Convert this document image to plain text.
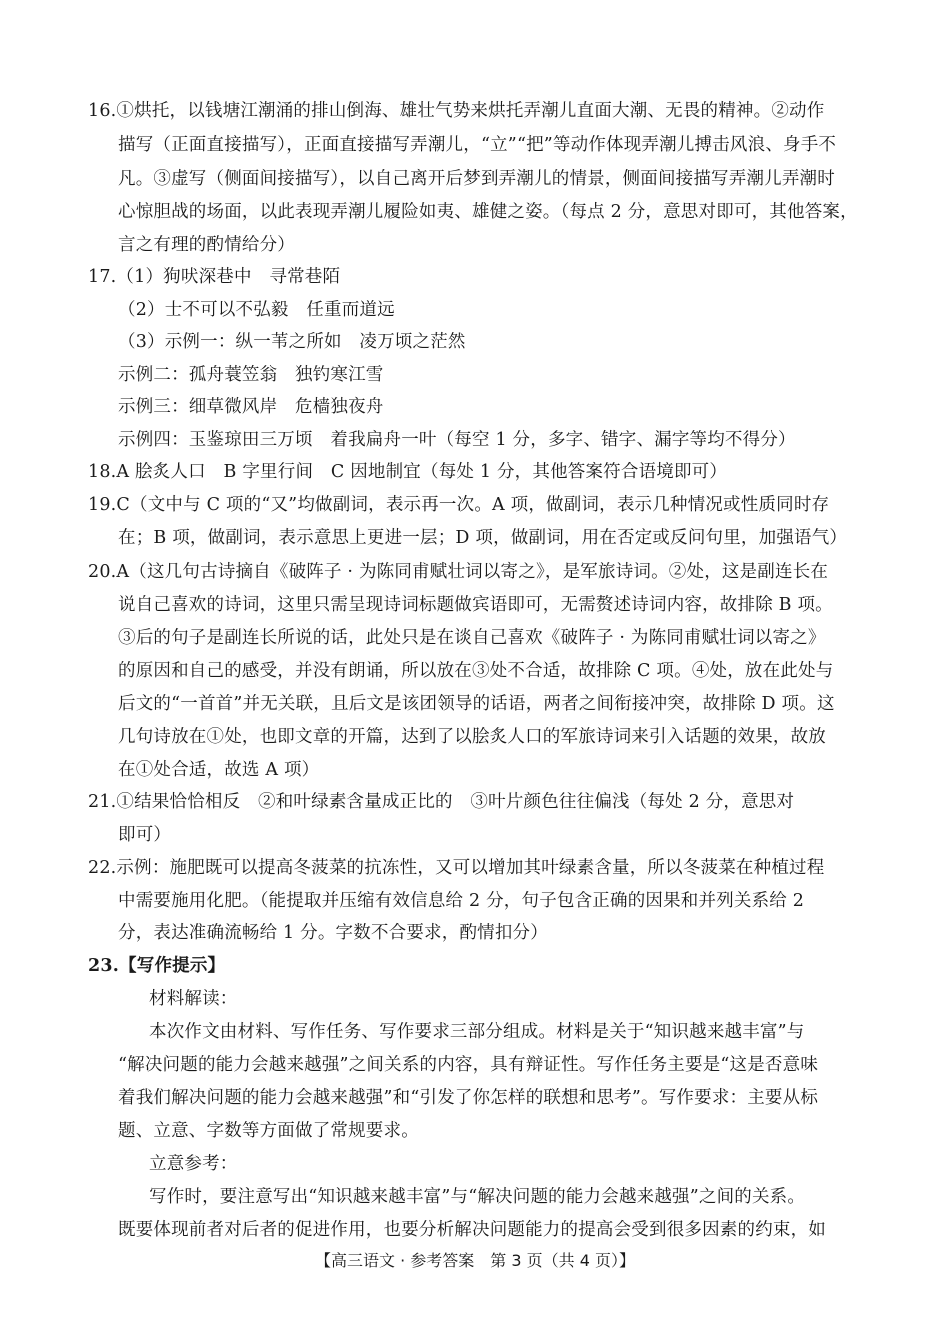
16.①烘托，以钱塘江潮涌的排山倒海、雄壮气势来烘托弄潮儿直面大潮、无畏的精神。②动作
描写（正面直接描写），正面直接描写弄潮儿，“立”“把”等动作体现弄潮儿搏击风浪、身手不
凡。③虚写（侧面间接描写），以自己离开后梦到弄潮儿的情景，侧面间接描写弄潮儿弄潮时
心惊胆战的场面，以此表现弄潮儿履险如夷、雄健之姿。（每点 2 分，意思对即可，其他答案，
言之有理的酌情给分）
17.（1）狗吠深巷中　寻常巷陌
（2）士不可以不弘毅　任重而道远
（3）示例一：纵一苇之所如　凌万顷之茫然
示例二：孤舟蓑笠翁　独钓寒江雪
示例三：细草微风岸　危樯独夜舟
示例四：玉鉴琼田三万顷　着我扁舟一叶（每空 1 分，多字、错字、漏字等均不得分）
18.A 脍炙人口　B 字里行间　C 因地制宜（每处 1 分，其他答案符合语境即可）
19.C（文中与 C 项的“又”均做副词，表示再一次。A 项，做副词，表示几种情况或性质同时存
在；B 项，做副词，表示意思上更进一层；D 项，做副词，用在否定或反问句里，加强语气）
20.A（这几句古诗摘自《破阵子 · 为陈同甫赋壮词以寄之》，是军旅诗词。②处，这是副连长在
说自己喜欢的诗词，这里只需呈现诗词标题做宾语即可，无需赘述诗词内容，故排除 B 项。
③后的句子是副连长所说的话，此处只是在谈自己喜欢《破阵子 · 为陈同甫赋壮词以寄之》
的原因和自己的感受，并没有朗诵，所以放在③处不合适，故排除 C 项。④处，放在此处与
后文的“一首首”并无关联，且后文是该团领导的话语，两者之间衔接冲突，故排除 D 项。这
几句诗放在①处，也即文章的开篇，达到了以脍炙人口的军旅诗词来引入话题的效果，故放
在①处合适，故选 A 项）
21.①结果恰恰相反　②和叶绿素含量成正比的　③叶片颜色往往偏浅（每处 2 分，意思对
即可）
22.示例：施肥既可以提高冬菠菜的抗冻性，又可以增加其叶绿素含量，所以冬菠菜在种植过程
中需要施用化肥。（能提取并压缩有效信息给 2 分，句子包含正确的因果和并列关系给 2
分，表达准确流畅给 1 分。字数不合要求，酌情扣分）
23.【写作提示】
材料解读：
本次作文由材料、写作任务、写作要求三部分组成。材料是关于“知识越来越丰富”与
“解决问题的能力会越来越强”之间关系的内容，具有辩证性。写作任务主要是“这是否意味
着我们解决问题的能力会越来越强”和“引发了你怎样的联想和思考”。写作要求：主要从标
题、立意、字数等方面做了常规要求。
立意参考：
写作时，要注意写出“知识越来越丰富”与“解决问题的能力会越来越强”之间的关系。
既要体现前者对后者的促进作用，也要分析解决问题能力的提高会受到很多因素的约束，如
【高三语文 · 参考答案　第 3 页（共 4 页）】
